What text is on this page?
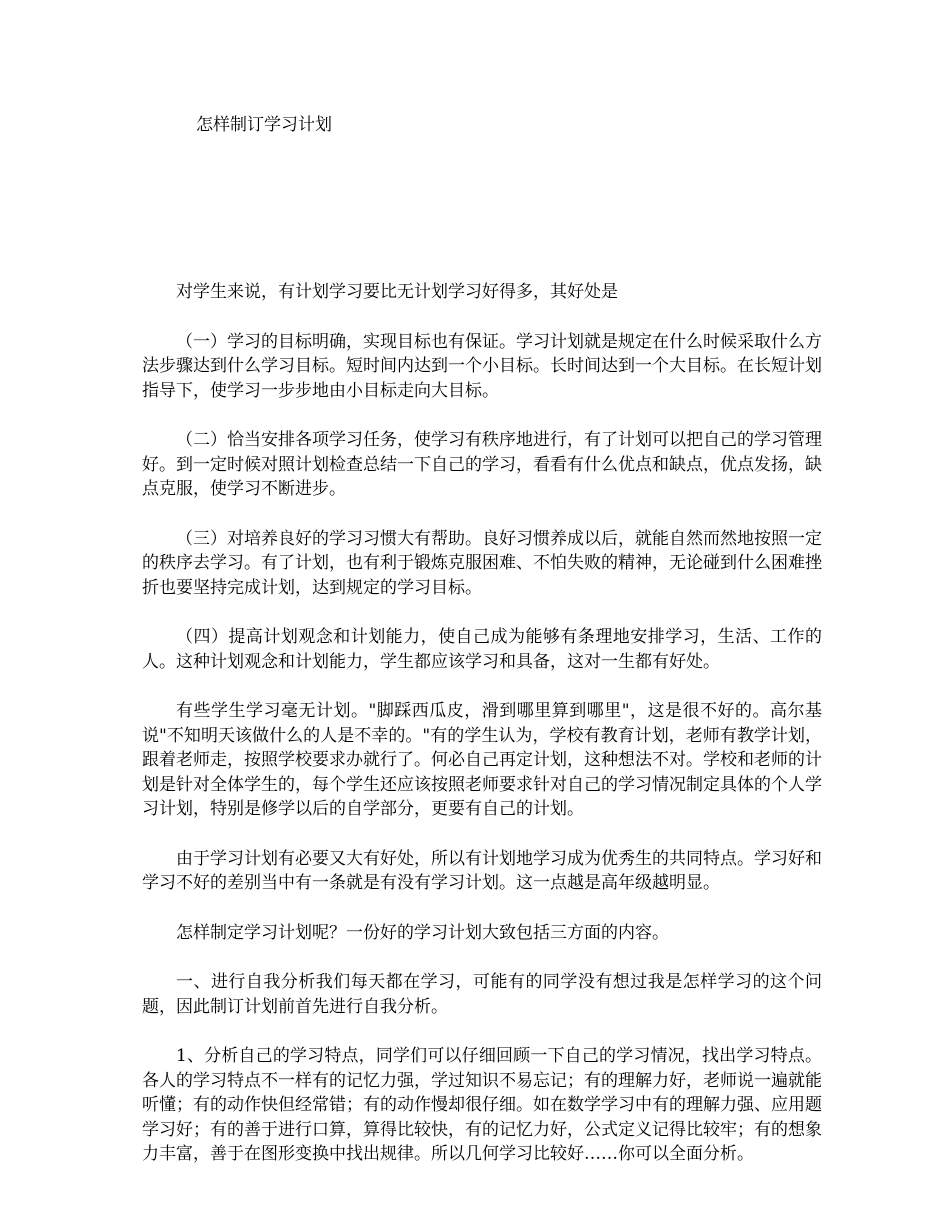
怎样制订学习计划

对学生来说，有计划学习要比无计划学习好得多，其好处是

（一）学习的目标明确，实现目标也有保证。学习计划就是规定在什么时候采取什么方法步骤达到什么学习目标。短时间内达到一个小目标。长时间达到一个大目标。在长短计划指导下，使学习一步步地由小目标走向大目标。

（二）恰当安排各项学习任务，使学习有秩序地进行，有了计划可以把自己的学习管理好。到一定时候对照计划检查总结一下自己的学习，看看有什么优点和缺点，优点发扬，缺点克服，使学习不断进步。

（三）对培养良好的学习习惯大有帮助。良好习惯养成以后，就能自然而然地按照一定的秩序去学习。有了计划，也有利于锻炼克服困难、不怕失败的精神，无论碰到什么困难挫折也要坚持完成计划，达到规定的学习目标。

（四）提高计划观念和计划能力，使自己成为能够有条理地安排学习，生活、工作的人。这种计划观念和计划能力，学生都应该学习和具备，这对一生都有好处。

有些学生学习毫无计划。"脚踩西瓜皮，滑到哪里算到哪里"，这是很不好的。高尔基说"不知明天该做什么的人是不幸的。"有的学生认为，学校有教育计划，老师有教学计划，跟着老师走，按照学校要求办就行了。何必自己再定计划，这种想法不对。学校和老师的计划是针对全体学生的，每个学生还应该按照老师要求针对自己的学习情况制定具体的个人学习计划，特别是修学以后的自学部分，更要有自己的计划。

由于学习计划有必要又大有好处，所以有计划地学习成为优秀生的共同特点。学习好和学习不好的差别当中有一条就是有没有学习计划。这一点越是高年级越明显。

怎样制定学习计划呢？一份好的学习计划大致包括三方面的内容。

一、进行自我分析我们每天都在学习，可能有的同学没有想过我是怎样学习的这个问题，因此制订计划前首先进行自我分析。

1、分析自己的学习特点，同学们可以仔细回顾一下自己的学习情况，找出学习特点。各人的学习特点不一样有的记忆力强，学过知识不易忘记；有的理解力好，老师说一遍就能听懂；有的动作快但经常错；有的动作慢却很仔细。如在数学学习中有的理解力强、应用题学习好；有的善于进行口算，算得比较快，有的记忆力好，公式定义记得比较牢；有的想象力丰富，善于在图形变换中找出规律。所以几何学习比较好……你可以全面分析。
